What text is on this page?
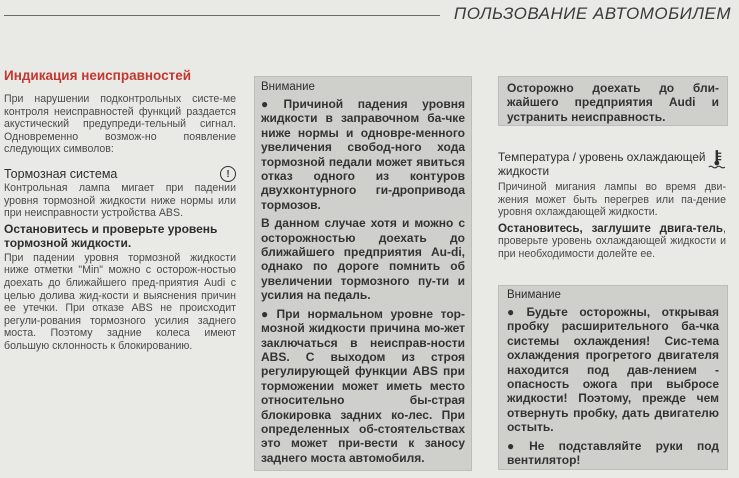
ПОЛЬЗОВАНИЕ АВТОМОБИЛЕМ
Индикация неисправностей
При нарушении подконтрольных систе-ме контроля неисправностей функций раздается акустический предупреди-тельный сигнал. Одновременно возмож-но появление следующих символов:
Тормозная система	!
Контрольная лампа мигает при падении уровня тормозной жидкости ниже нормы или при неисправности устройства ABS.
Остановитесь и проверьте уровень тормозной жидкости.
При падении уровня тормозной жидкости ниже отметки "Min" можно с осторож-ностью доехать до ближайшего пред-приятия Audi с целью долива жид-кости и выяснения причин ее утечки. При отказе ABS не происходит регули-рования тормозного усилия заднего моста. Поэтому задние колеса имеют большую склонность к блокированию.
Внимание

● Причиной падения уровня жидкости в заправочном ба-чке ниже нормы и одновре-менного увеличения свобод-ного хода тормозной педали может явиться отказ одного из контуров двухконтурного ги-дропривода тормозов.

В данном случае хотя и можно с осторожностью доехать до ближайшего предприятия Au-di, однако по дороге помнить об увеличении тормозного пу-ти и усилия на педаль.

● При нормальном уровне тор-мозной жидкости причина мо-жет заключаться в неисправ-ности ABS. С выходом из строя регулирующей функции ABS при торможении может иметь место относительно бы-страя блокировка задних ко-лес. При определенных об-стоятельствах это может при-вести к заносу заднего моста автомобиля.

Осторожно доехать до бли-жайшего предприятия Audi и устранить неисправность.
Температура / уровень охлаждающей жидкости
Причиной мигания лампы во время дви-жения может быть перегрев или па-дение уровня охлаждающей жидкости.
Остановитесь, заглушите двига-тель, проверьте уровень охлаждающей жидкости и при необходимости долейте ее.
Внимание

● Будьте осторожны, открывая пробку расширительного ба-чка системы охлаждения! Сис-тема охлаждения прогретого двигателя находится под дав-лением - опасность ожога при выбросе жидкости! Поэтому, прежде чем отвернуть пробку, дать двигателю остыть.

● Не подставляйте руки под вентилятор!
